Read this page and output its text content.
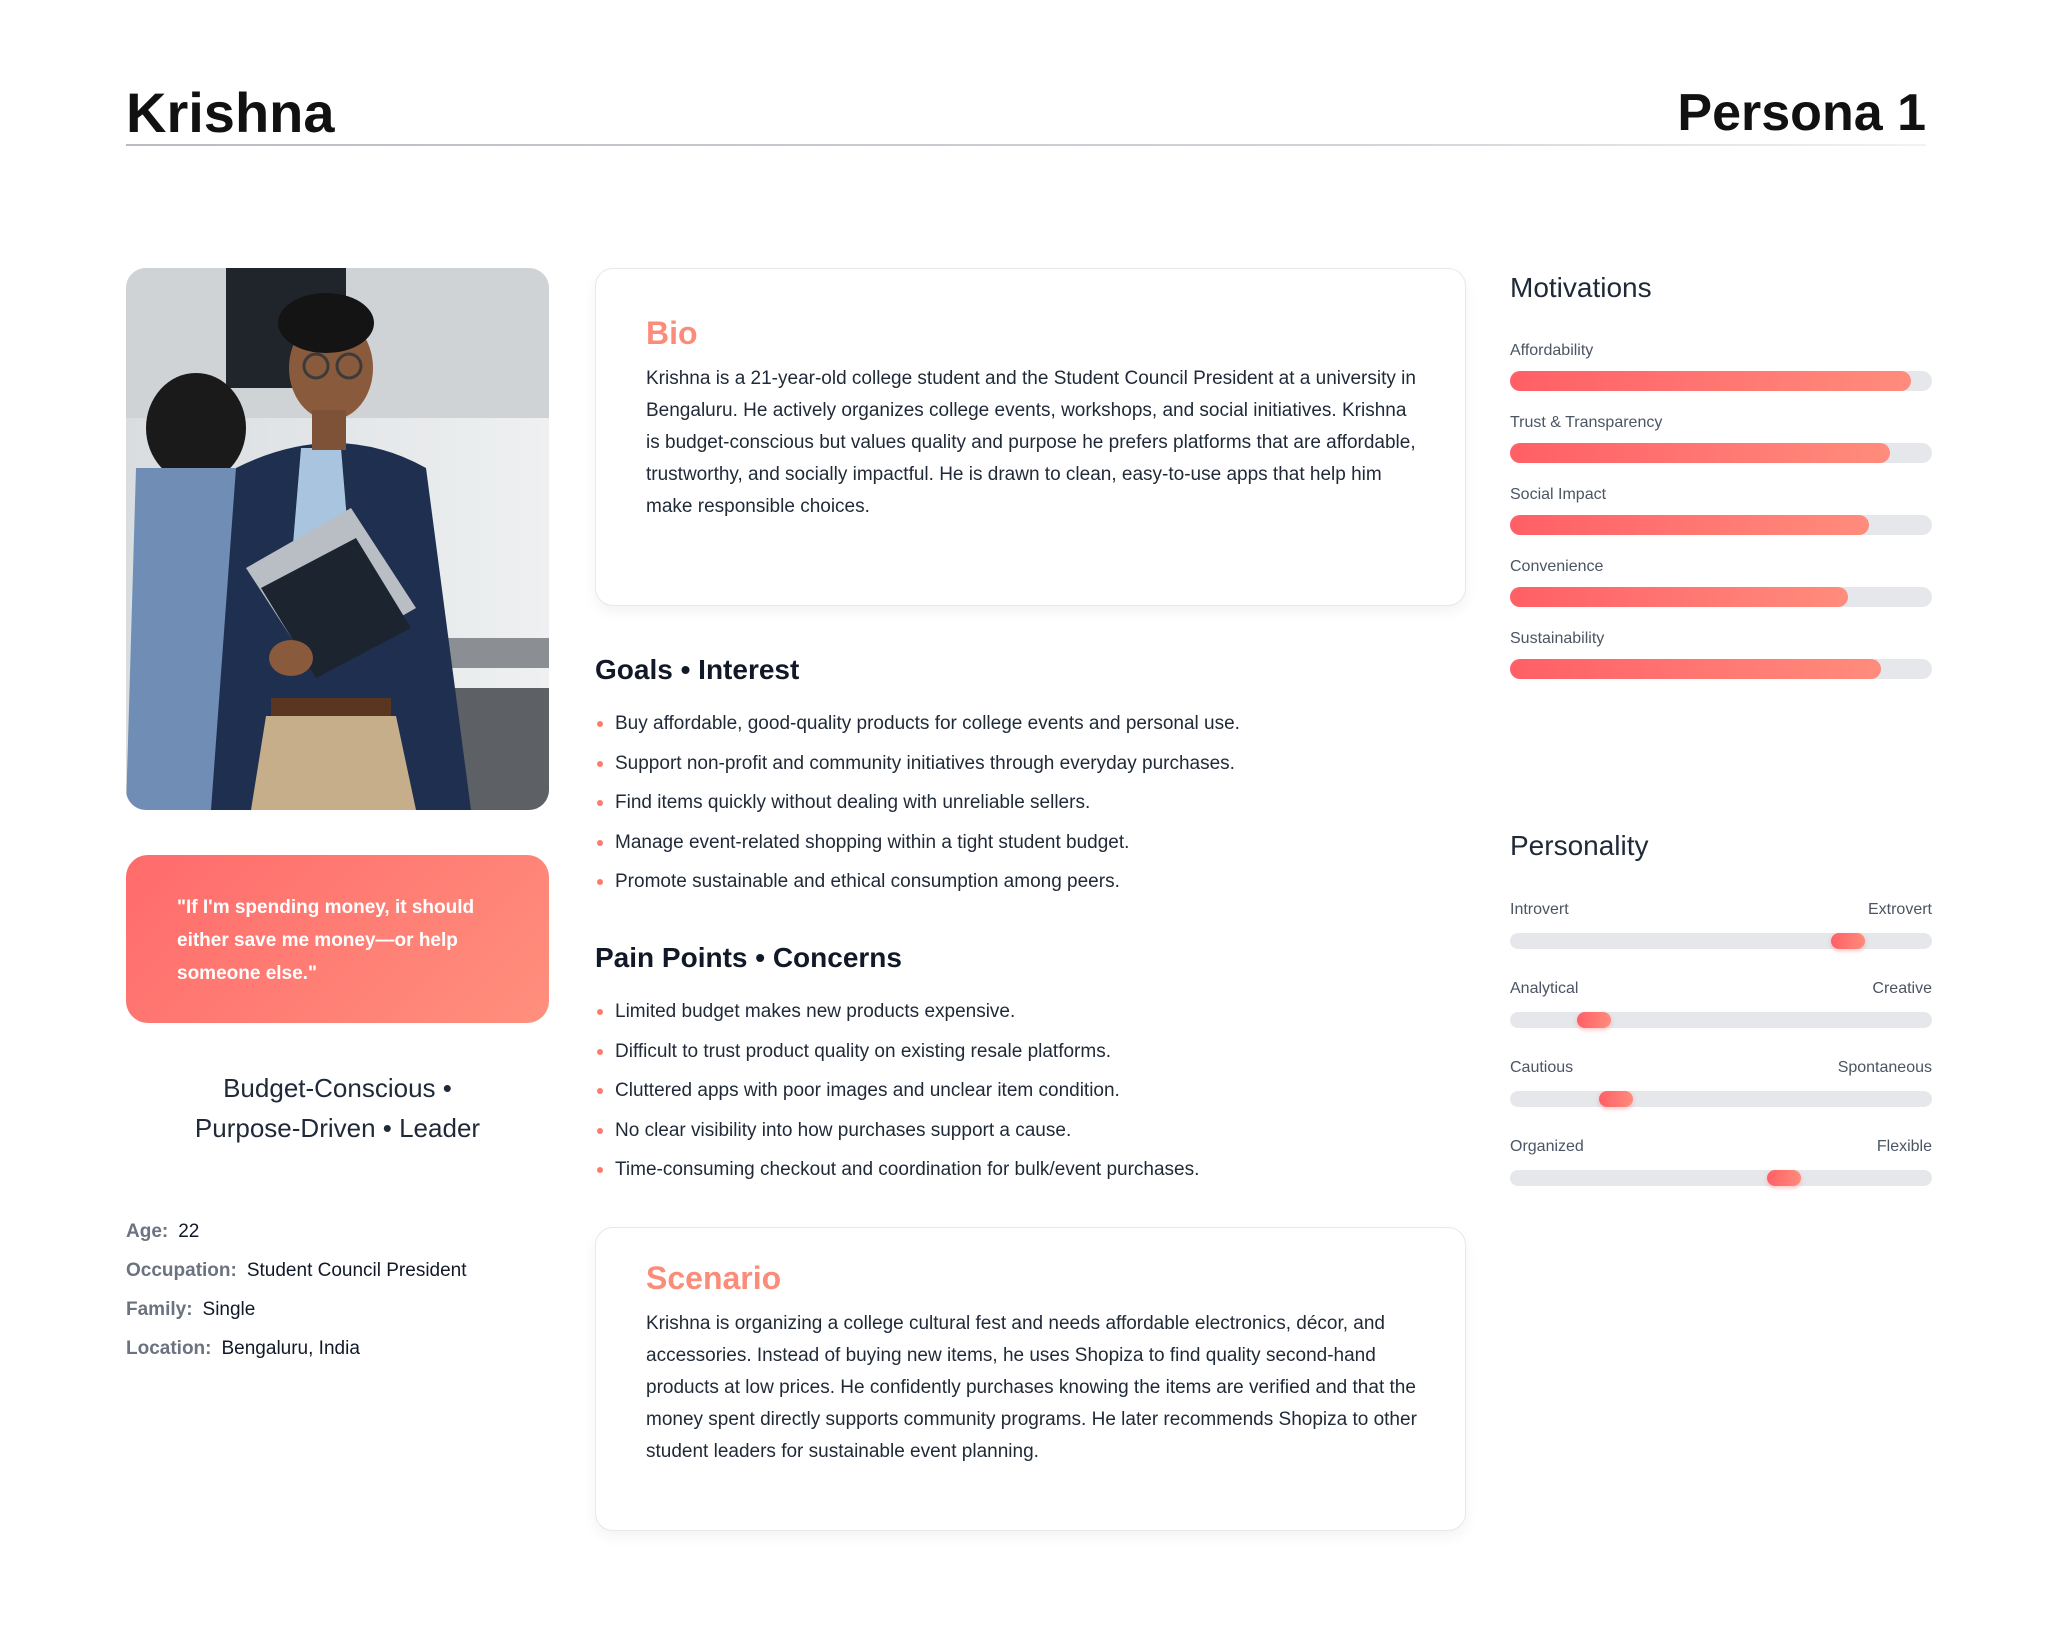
Krishna	Persona 1
"If I'm spending money, it should either save me money—or help someone else."
Budget-Conscious •
Purpose-Driven • Leader
Age: 22
Occupation: Student Council President
Family: Single
Location: Bengaluru, India
Bio
Krishna is a 21-year-old college student and the Student Council President at a university in Bengaluru. He actively organizes college events, workshops, and social initiatives. Krishna is budget-conscious but values quality and purpose he prefers platforms that are affordable, trustworthy, and socially impactful. He is drawn to clean, easy-to-use apps that help him make responsible choices.
Goals • Interest
Buy affordable, good-quality products for college events and personal use.
Support non-profit and community initiatives through everyday purchases.
Find items quickly without dealing with unreliable sellers.
Manage event-related shopping within a tight student budget.
Promote sustainable and ethical consumption among peers.
Pain Points • Concerns
Limited budget makes new products expensive.
Difficult to trust product quality on existing resale platforms.
Cluttered apps with poor images and unclear item condition.
No clear visibility into how purchases support a cause.
Time-consuming checkout and coordination for bulk/event purchases.
Scenario
Krishna is organizing a college cultural fest and needs affordable electronics, décor, and accessories. Instead of buying new items, he uses Shopiza to find quality second-hand products at low prices. He confidently purchases knowing the items are verified and that the money spent directly supports community programs. He later recommends Shopiza to other student leaders for sustainable event planning.
Motivations
Affordability
Trust & Transparency
Social Impact
Convenience
Sustainability
Personality
Introvert	Extrovert
Analytical	Creative
Cautious	Spontaneous
Organized	Flexible
